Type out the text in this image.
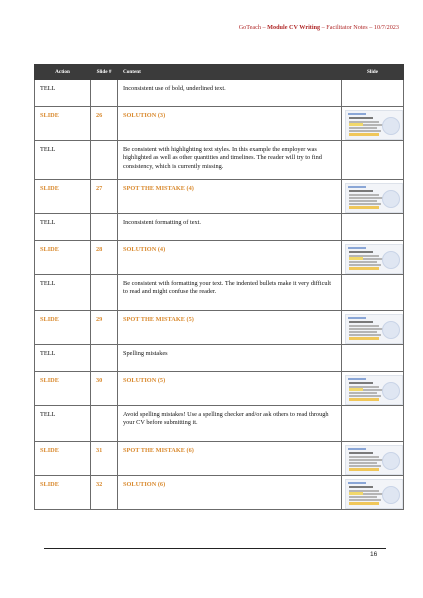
GoTeach – Module CV Writing – Facilitator Notes – 10/7/2023
Action	Slide #	Content	Slide
TELL		Inconsistent use of bold, underlined text.	
SLIDE	26	SOLUTION (3)	

TELL		Be consistent with highlighting text styles. In this example the employer was highlighted as well as other quantities and timelines. The reader will try to find consistency, which is currently missing.	
SLIDE	27	SPOT THE MISTAKE (4)	

TELL		Inconsistent formatting of text.	
SLIDE	28	SOLUTION (4)	

TELL		Be consistent with formatting your text. The indented bullets make it very difficult to read and might confuse the reader.	
SLIDE	29	SPOT THE MISTAKE (5)	

TELL		Spelling mistakes	
SLIDE	30	SOLUTION (5)	

TELL		Avoid spelling mistakes! Use a spelling checker and/or ask others to read through your CV before submitting it.	
SLIDE	31	SPOT THE MISTAKE (6)	

SLIDE	32	SOLUTION (6)	
16
